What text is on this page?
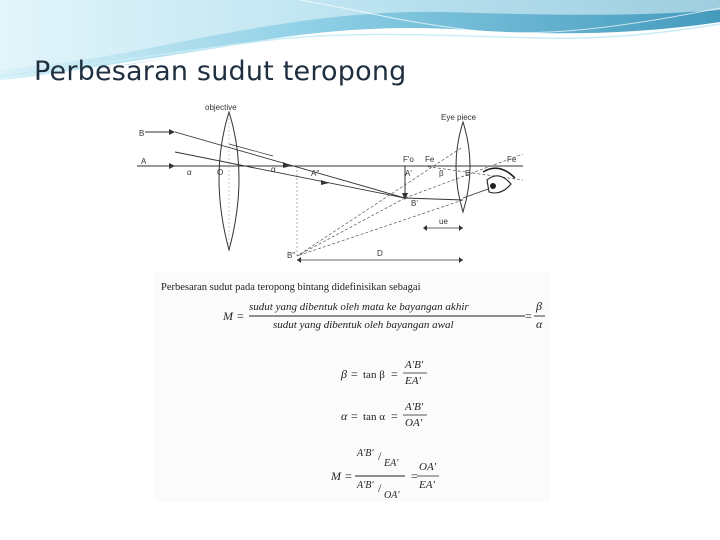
Perbesaran sudut teropong
objective
Eye piece
B
A
α	O	α	A"
F'o Fe
A'	β	E
Fe
B'
B"
ue
D
Perbesaran sudut pada teropong bintang didefinisikan sebagai
M =
sudut yang dibentuk oleh mata ke bayangan akhir
sudut yang dibentuk oleh bayangan awal
=
β
α
β = tan β =
A'B'
EA'
α = tan α =
A'B'
OA'
M =
A'B' /
EA'
A'B' /
OA'
=
OA'
EA'
